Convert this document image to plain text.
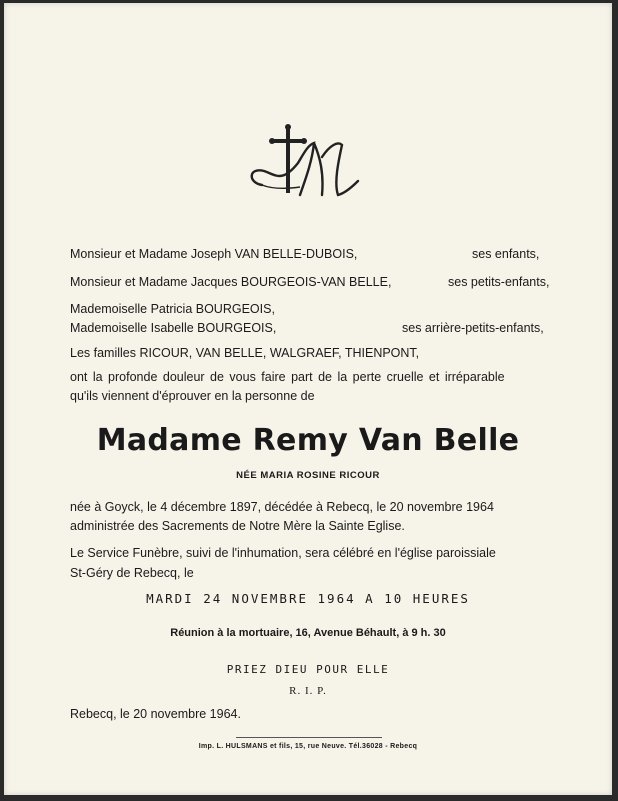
Monsieur et Madame Joseph VAN BELLE-DUBOIS,	ses enfants,
Monsieur et Madame Jacques BOURGEOIS-VAN BELLE,	ses petits-enfants,
Mademoiselle Patricia BOURGEOIS,
Mademoiselle Isabelle BOURGEOIS,	ses arrière-petits-enfants,
Les familles RICOUR, VAN BELLE, WALGRAEF, THIENPONT,
ont la profonde douleur de vous faire part de la perte cruelle et irréparable
qu'ils viennent d'éprouver en la personne de
Madame Remy Van Belle
NÉE MARIA ROSINE RICOUR
née à Goyck, le 4 décembre 1897, décédée à Rebecq, le 20 novembre 1964
administrée des Sacrements de Notre Mère la Sainte Eglise.
Le Service Funèbre, suivi de l'inhumation, sera célébré en l'église paroissiale
St-Géry de Rebecq, le
MARDI 24 NOVEMBRE 1964 A 10 HEURES
Réunion à la mortuaire, 16, Avenue Béhault, à 9 h. 30
PRIEZ DIEU POUR ELLE
R. I. P.
Rebecq, le 20 novembre 1964.
Imp. L. HULSMANS et fils, 15, rue Neuve. Tél.36028 - Rebecq
